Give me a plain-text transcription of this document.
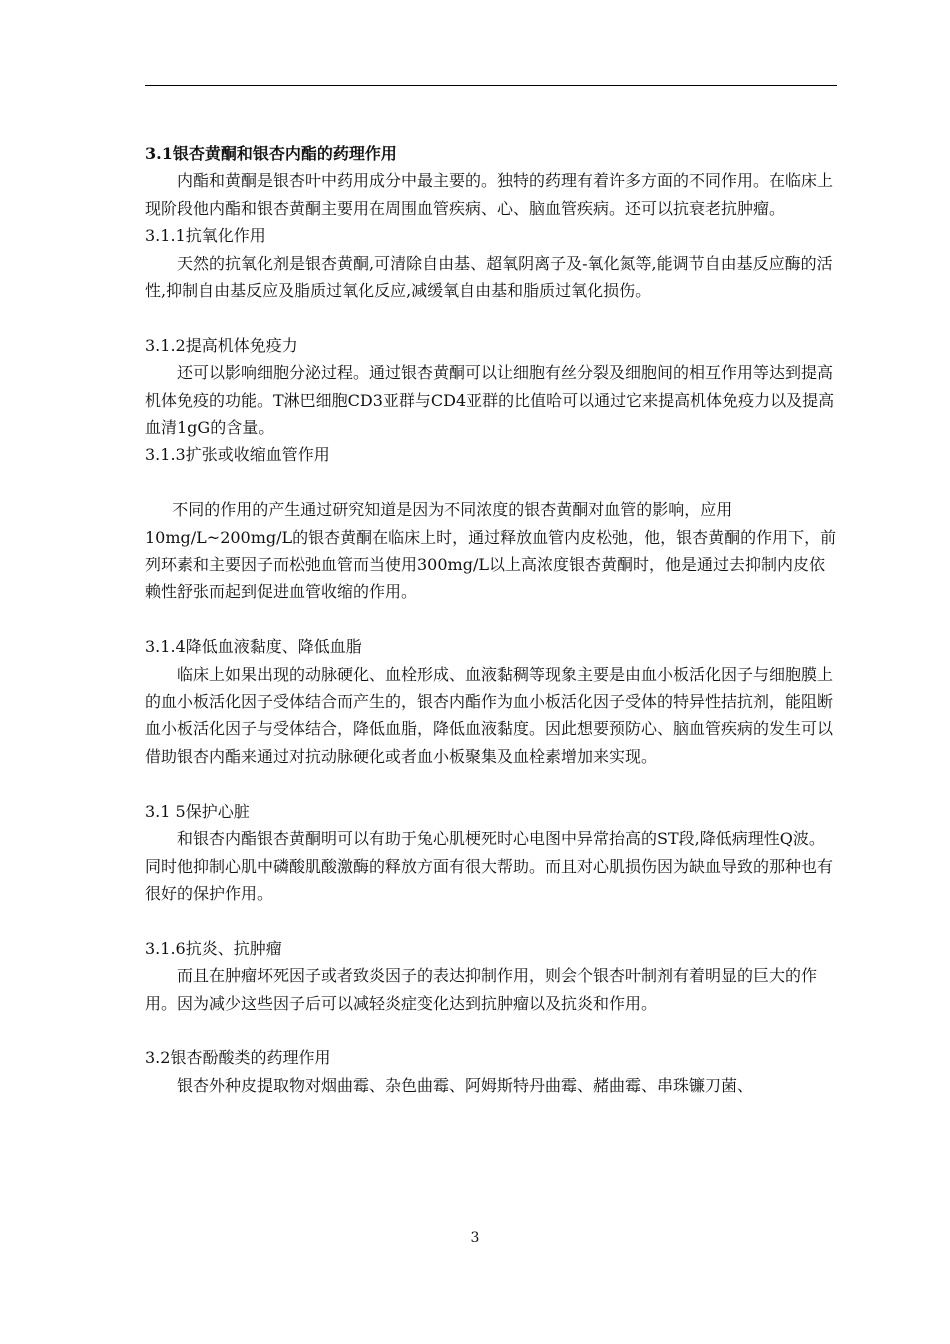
3.1银杏黄酮和银杏内酯的药理作用

内酯和黄酮是银杏叶中药用成分中最主要的。独特的药理有着许多方面的不同作用。在临床上现阶段他内酯和银杏黄酮主要用在周围血管疾病、心、脑血管疾病。还可以抗衰老抗肿瘤。

3.1.1抗氧化作用

天然的抗氧化剂是银杏黄酮,可清除自由基、超氧阴离子及-氧化氮等,能调节自由基反应酶的活性,抑制自由基反应及脂质过氧化反应,减缓氧自由基和脂质过氧化损伤。

3.1.2提高机体免疫力

还可以影响细胞分泌过程。通过银杏黄酮可以让细胞有丝分裂及细胞间的相互作用等达到提高机体免疫的功能。T淋巴细胞CD3亚群与CD4亚群的比值哈可以通过它来提高机体免疫力以及提高血清1gG的含量。

3.1.3扩张或收缩血管作用

不同的作用的产生通过研究知道是因为不同浓度的银杏黄酮对血管的影响，应用10mg/L~200mg/L的银杏黄酮在临床上时，通过释放血管内皮松弛，他，银杏黄酮的作用下，前列环素和主要因子而松弛血管而当使用300mg/L以上高浓度银杏黄酮时，他是通过去抑制内皮依赖性舒张而起到促进血管收缩的作用。

3.1.4降低血液黏度、降低血脂

临床上如果出现的动脉硬化、血栓形成、血液黏稠等现象主要是由血小板活化因子与细胞膜上的血小板活化因子受体结合而产生的，银杏内酯作为血小板活化因子受体的特异性拮抗剂，能阻断血小板活化因子与受体结合，降低血脂，降低血液黏度。因此想要预防心、脑血管疾病的发生可以借助银杏内酯来通过对抗动脉硬化或者血小板聚集及血栓素增加来实现。

3.1 5保护心脏

和银杏内酯银杏黄酮明可以有助于兔心肌梗死时心电图中异常抬高的ST段,降低病理性Q波。同时他抑制心肌中磷酸肌酸激酶的释放方面有很大帮助。而且对心肌损伤因为缺血导致的那种也有很好的保护作用。

3.1.6抗炎、抗肿瘤

而且在肿瘤坏死因子或者致炎因子的表达抑制作用，则会个银杏叶制剂有着明显的巨大的作用。因为减少这些因子后可以减轻炎症变化达到抗肿瘤以及抗炎和作用。

3.2银杏酚酸类的药理作用

银杏外种皮提取物对烟曲霉、杂色曲霉、阿姆斯特丹曲霉、赭曲霉、串珠镰刀菌、

3
